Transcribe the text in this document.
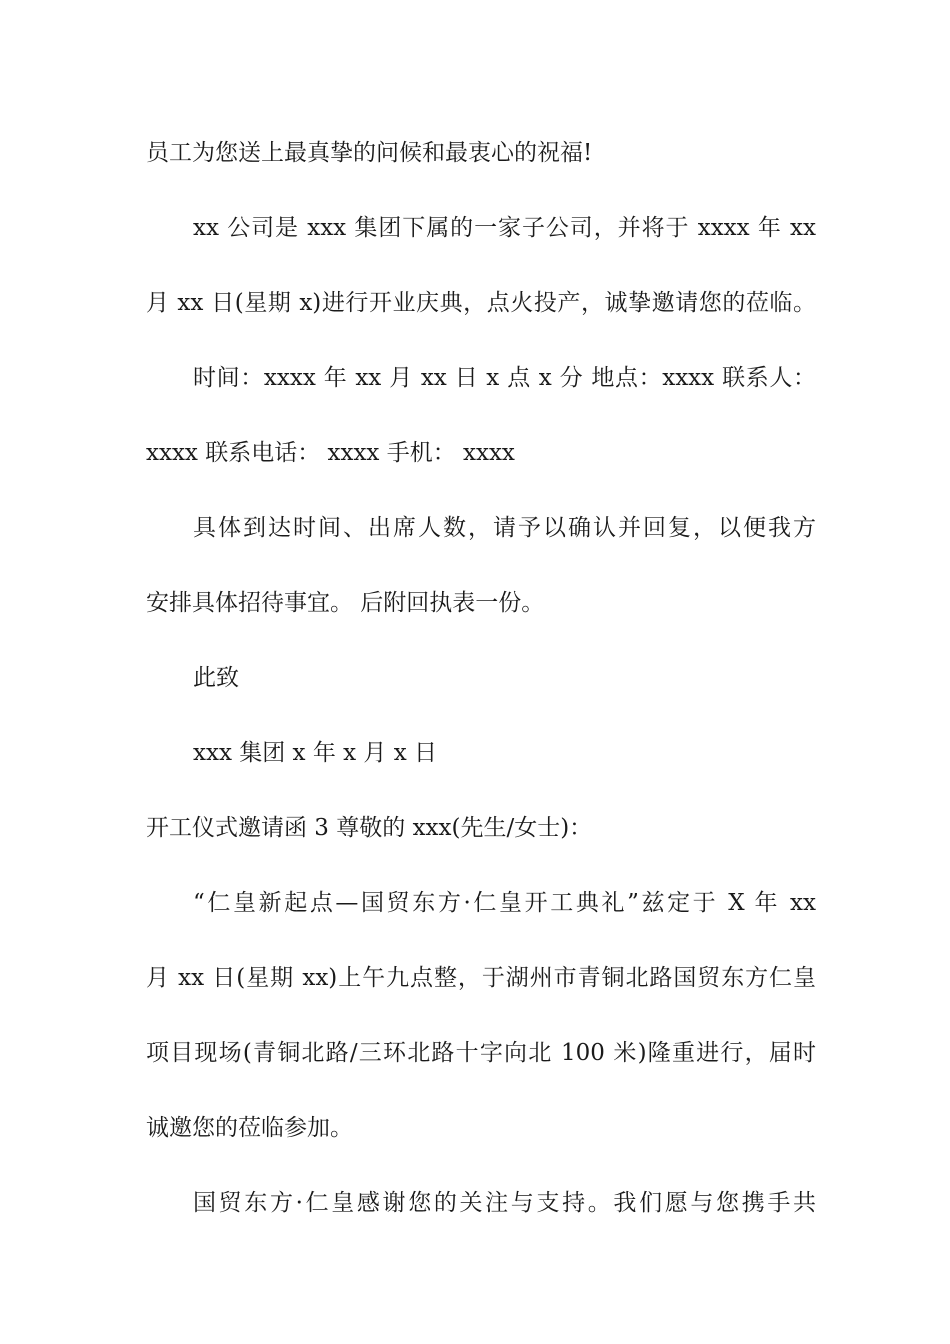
员工为您送上最真挚的问候和最衷心的祝福!
xx 公司是 xxx 集团下属的一家子公司，并将于 xxxx 年 xx
月 xx 日(星期 x)进行开业庆典，点火投产，诚挚邀请您的莅临。
时间：xxxx 年 xx 月 xx 日 x 点 x 分 地点：xxxx 联系人：
xxxx 联系电话： xxxx 手机： xxxx
具体到达时间、出席人数，请予以确认并回复，以便我方
安排具体招待事宜。 后附回执表一份。
此致
xxx 集团 x 年 x 月 x 日
开工仪式邀请函 3 尊敬的 xxx(先生/女士)：
“仁皇新起点—国贸东方·仁皇开工典礼”兹定于 X 年 xx
月 xx 日(星期 xx)上午九点整，于湖州市青铜北路国贸东方仁皇
项目现场(青铜北路/三环北路十字向北 100 米)隆重进行，届时
诚邀您的莅临参加。
国贸东方·仁皇感谢您的关注与支持。我们愿与您携手共
